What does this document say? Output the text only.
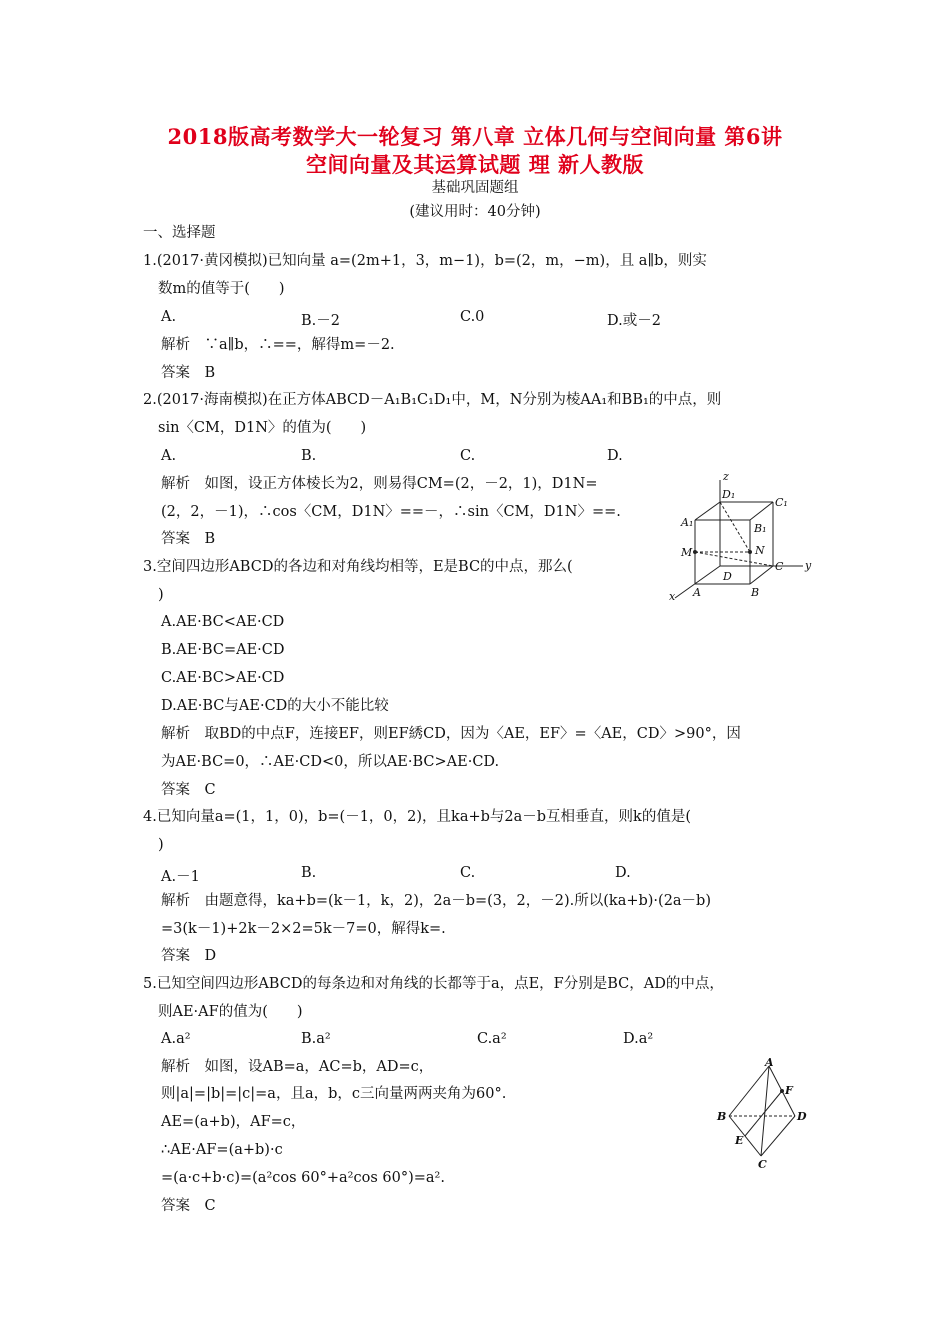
2018版高考数学大一轮复习 第八章 立体几何与空间向量 第6讲
空间向量及其运算试题 理 新人教版
基础巩固题组
(建议用时：40分钟)
一、选择题
1.(2017·黄冈模拟)已知向量 a=(2m+1，3，m−1)，b=(2，m，−m)，且 a∥b，则实
数m的值等于(　　)
A.	B.－2	C.0	D.或－2
解析　∵a∥b，∴==，解得m=－2.
答案　B
2.(2017·海南模拟)在正方体ABCD－A₁B₁C₁D₁中，M，N分别为棱AA₁和BB₁的中点，则
sin〈CM，D1N〉的值为(　　)
A.	B.	C.	D.
解析　如图，设正方体棱长为2，则易得CM=(2，－2，1)，D1N=
(2，2，－1)，∴cos〈CM，D1N〉==－，∴sin〈CM，D1N〉==.
答案　B
z
y
x
D₁
C₁
A₁	B₁
M	N
D
C
A	B
3.空间四边形ABCD的各边和对角线均相等，E是BC的中点，那么(
)
A.AE·BC<AE·CD
B.AE·BC=AE·CD
C.AE·BC>AE·CD
D.AE·BC与AE·CD的大小不能比较
解析　取BD的中点F，连接EF，则EF綉CD，因为〈AE，EF〉=〈AE，CD〉>90°，因
为AE·BC=0，∴AE·CD<0，所以AE·BC>AE·CD.
答案　C
4.已知向量a=(1，1，0)，b=(－1，0，2)，且ka+b与2a－b互相垂直，则k的值是(
)
A.－1	B.	C.	D.
解析　由题意得，ka+b=(k－1，k，2)，2a－b=(3，2，－2).所以(ka+b)·(2a－b)
=3(k－1)+2k－2×2=5k－7=0，解得k=.
答案　D
5.已知空间四边形ABCD的每条边和对角线的长都等于a，点E，F分别是BC，AD的中点，
则AE·AF的值为(　　)
A.a²	B.a²	C.a²	D.a²
解析　如图，设AB=a，AC=b，AD=c，
则|a|=|b|=|c|=a，且a，b，c三向量两两夹角为60°.
AE=(a+b)，AF=c，
∴AE·AF=(a+b)·c
=(a·c+b·c)=(a²cos 60°+a²cos 60°)=a².
答案　C
A
F
B	D
E
C
